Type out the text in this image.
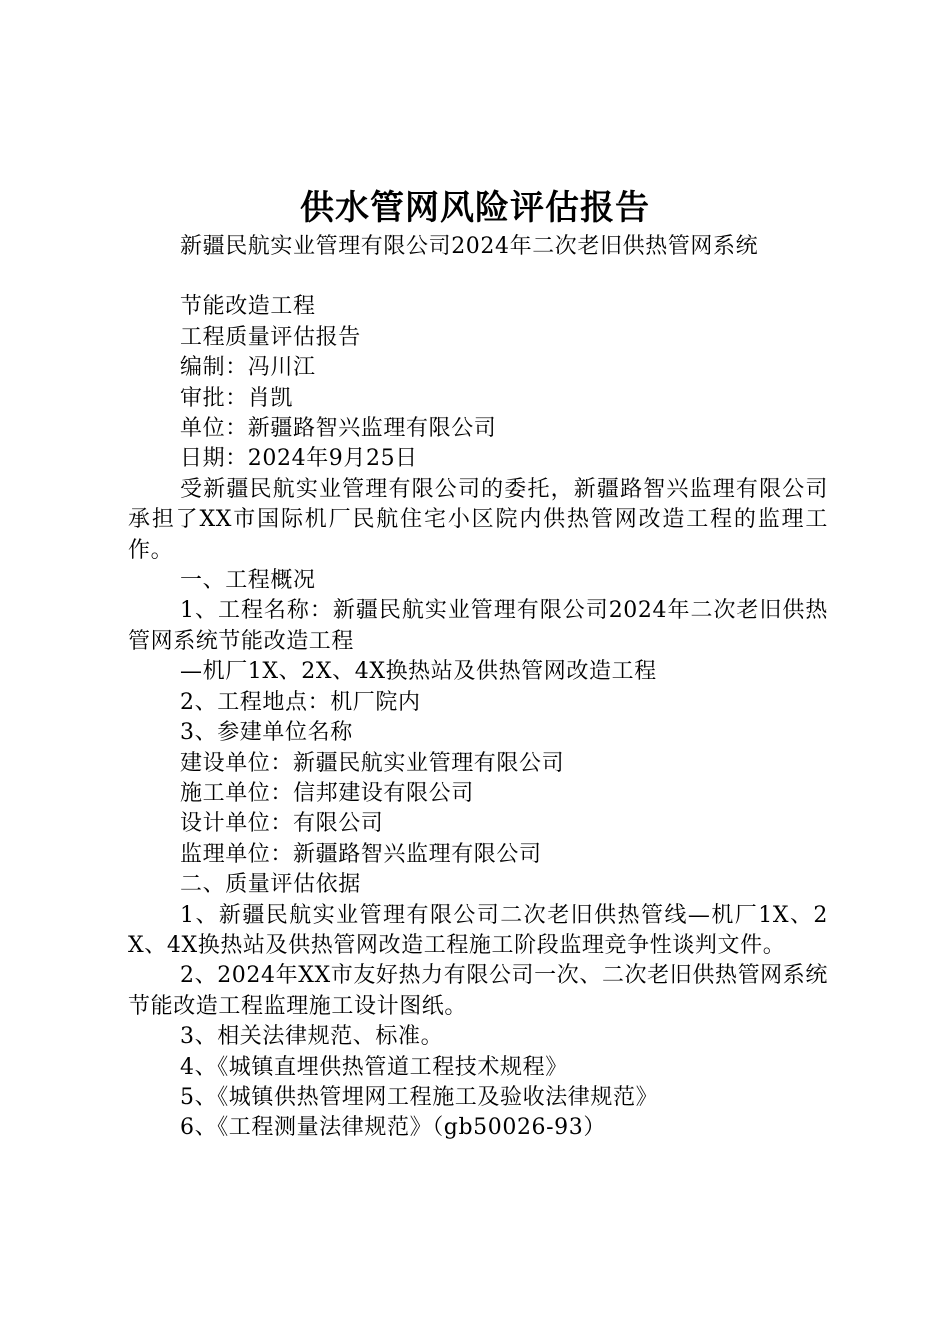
供水管网风险评估报告

新疆民航实业管理有限公司2024年二次老旧供热管网系统

节能改造工程

工程质量评估报告

编制：冯川江

审批：肖凯

单位：新疆路智兴监理有限公司

日期：2024年9月25日

受新疆民航实业管理有限公司的委托，新疆路智兴监理有限公司承担了XX市国际机厂民航住宅小区院内供热管网改造工程的监理工作。

一、工程概况

1、工程名称：新疆民航实业管理有限公司2024年二次老旧供热管网系统节能改造工程

—机厂1X、2X、4X换热站及供热管网改造工程

2、工程地点：机厂院内

3、参建单位名称

建设单位：新疆民航实业管理有限公司

施工单位：信邦建设有限公司

设计单位：有限公司

监理单位：新疆路智兴监理有限公司

二、质量评估依据

1、新疆民航实业管理有限公司二次老旧供热管线—机厂1X、2X、4X换热站及供热管网改造工程施工阶段监理竞争性谈判文件。

2、2024年XX市友好热力有限公司一次、二次老旧供热管网系统节能改造工程监理施工设计图纸。

3、相关法律规范、标准。

4、《城镇直埋供热管道工程技术规程》

5、《城镇供热管埋网工程施工及验收法律规范》

6、《工程测量法律规范》（gb50026-93）
